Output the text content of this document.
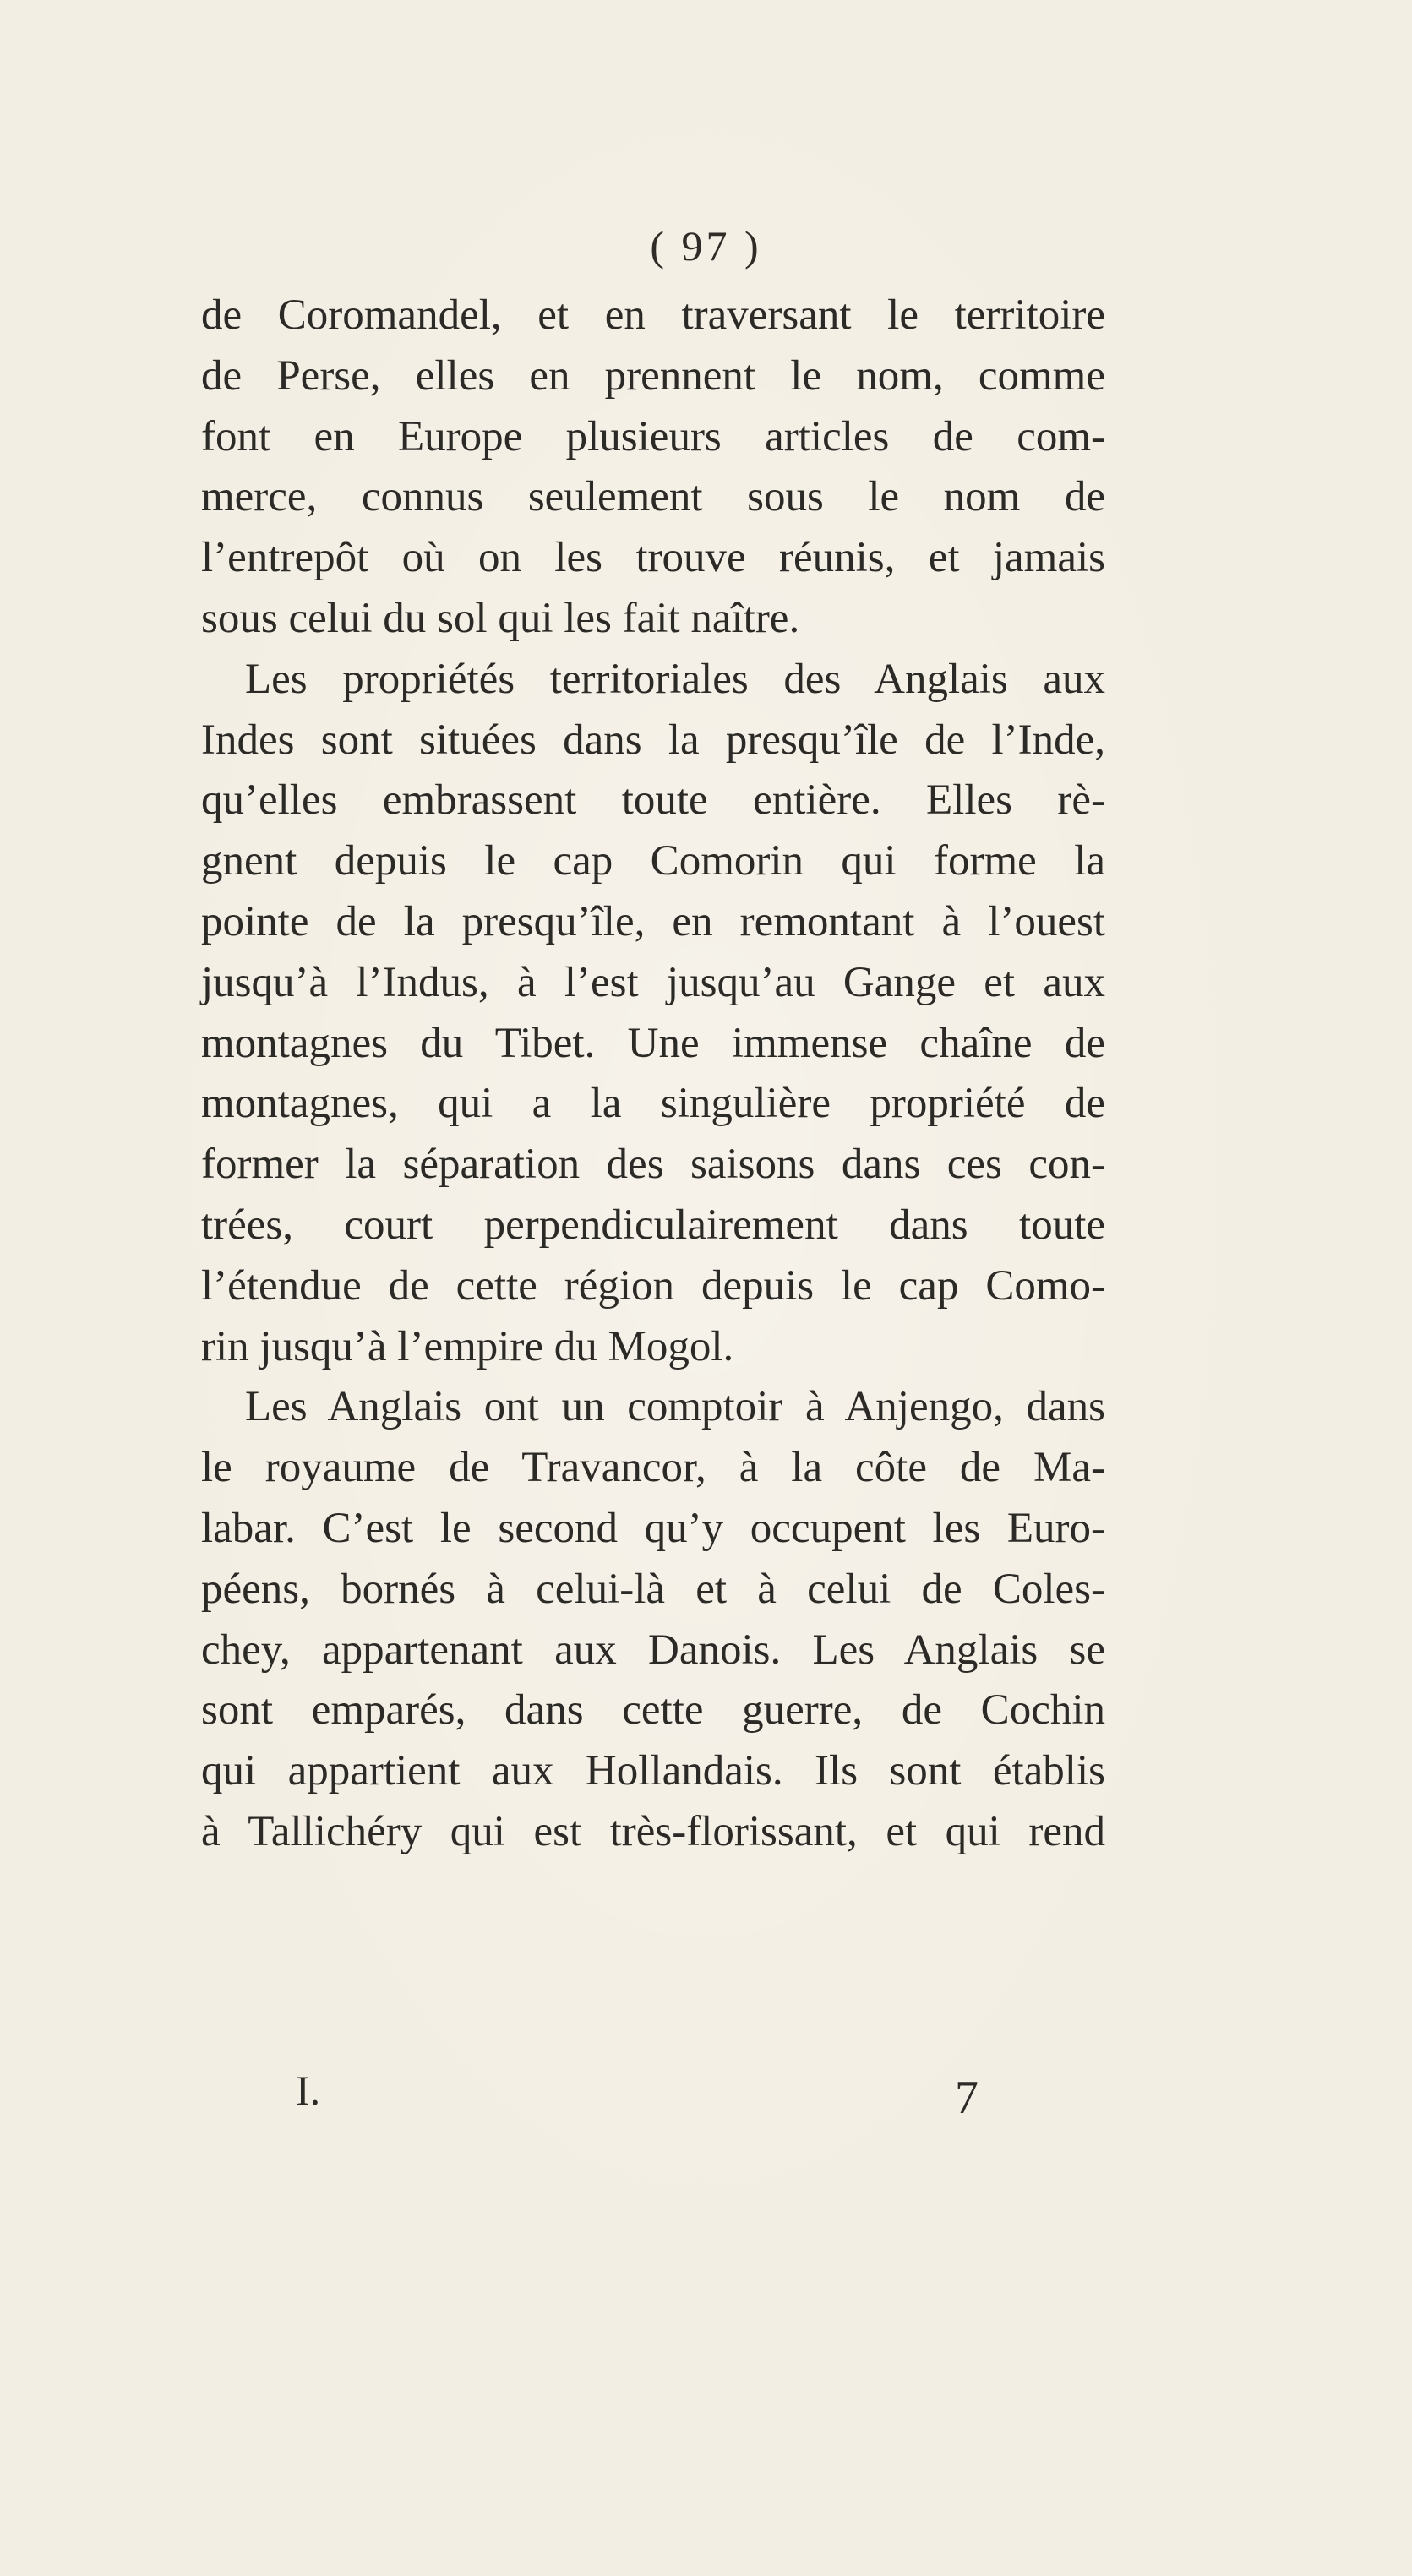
( 97 )
de Coromandel, et en traversant le territoire
de Perse, elles en prennent le nom, comme
font en Europe plusieurs articles de com-
merce, connus seulement sous le nom de
l’entrepôt où on les trouve réunis, et jamais
sous celui du sol qui les fait naître.
Les propriétés territoriales des Anglais aux
Indes sont situées dans la presqu’île de l’Inde,
qu’elles embrassent toute entière. Elles rè-
gnent depuis le cap Comorin qui forme la
pointe de la presqu’île, en remontant à l’ouest
jusqu’à l’Indus, à l’est jusqu’au Gange et aux
montagnes du Tibet. Une immense chaîne de
montagnes, qui a la singulière propriété de
former la séparation des saisons dans ces con-
trées, court perpendiculairement dans toute
l’étendue de cette région depuis le cap Como-
rin jusqu’à l’empire du Mogol.
Les Anglais ont un comptoir à Anjengo, dans
le royaume de Travancor, à la côte de Ma-
labar. C’est le second qu’y occupent les Euro-
péens, bornés à celui-là et à celui de Coles-
chey, appartenant aux Danois. Les Anglais se
sont emparés, dans cette guerre, de Cochin
qui appartient aux Hollandais. Ils sont établis
à Tallichéry qui est très-florissant, et qui rend
I.	7
